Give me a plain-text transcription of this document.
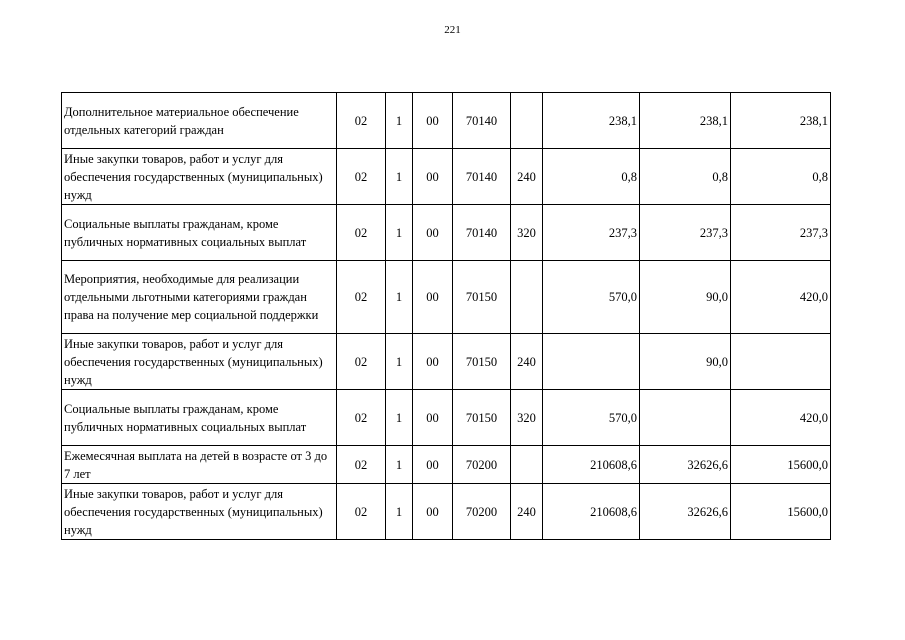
221
Дополнительное материальное обеспечение отдельных категорий граждан	02	1	00	70140		238,1	238,1	238,1
Иные закупки товаров, работ и услуг для обеспечения государственных (муниципальных) нужд	02	1	00	70140	240	0,8	0,8	0,8
Социальные выплаты гражданам, кроме публичных нормативных социальных выплат	02	1	00	70140	320	237,3	237,3	237,3
Мероприятия, необходимые для реализации отдельными льготными категориями граждан права на получение мер социальной поддержки	02	1	00	70150		570,0	90,0	420,0
Иные закупки товаров, работ и услуг для обеспечения государственных (муниципальных) нужд	02	1	00	70150	240		90,0	
Социальные выплаты гражданам, кроме публичных нормативных социальных выплат	02	1	00	70150	320	570,0		420,0
Ежемесячная выплата на детей в возрасте от 3 до 7 лет	02	1	00	70200		210608,6	32626,6	15600,0
Иные закупки товаров, работ и услуг для обеспечения государственных (муниципальных) нужд	02	1	00	70200	240	210608,6	32626,6	15600,0
